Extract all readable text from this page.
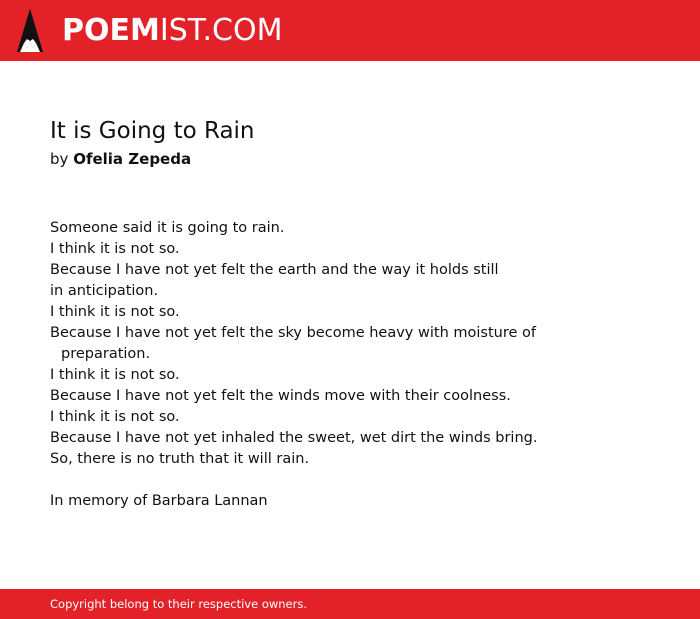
POEMIST.COM
It is Going to Rain

by Ofelia Zepeda

Someone said it is going to rain.
I think it is not so.
Because I have not yet felt the earth and the way it holds still
in anticipation.
I think it is not so.
Because I have not yet felt the sky become heavy with moisture of
preparation.
I think it is not so.
Because I have not yet felt the winds move with their coolness.
I think it is not so.
Because I have not yet inhaled the sweet, wet dirt the winds bring.
So, there is no truth that it will rain.
In memory of Barbara Lannan
Copyright belong to their respective owners.
